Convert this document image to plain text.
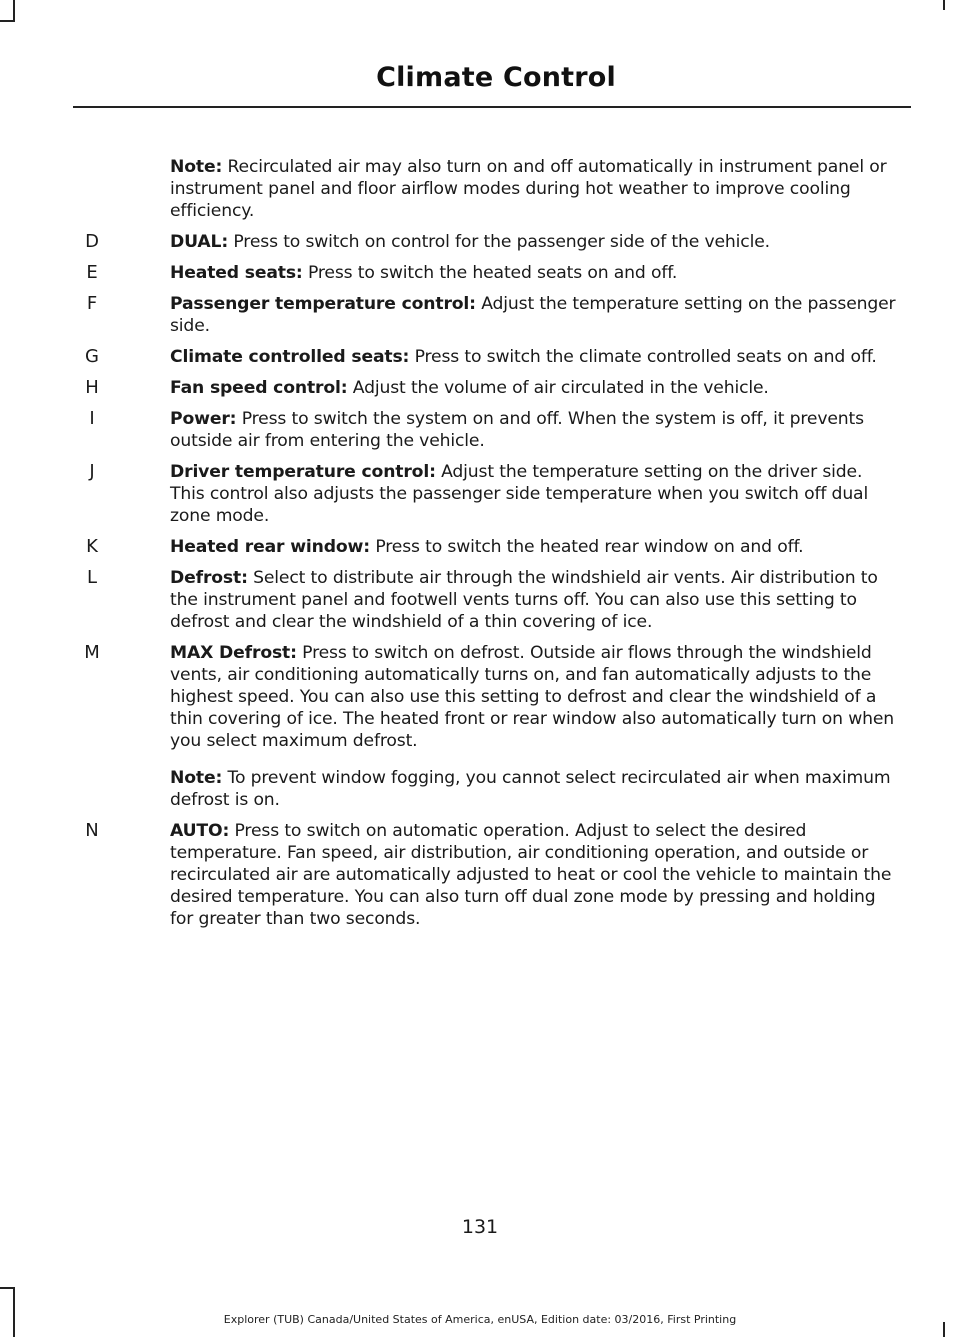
Climate Control
Note: Recirculated air may also turn on and off automatically in instrument panel or instrument panel and floor airflow modes during hot weather to improve cooling efficiency.
D	DUAL: Press to switch on control for the passenger side of the vehicle.
E	Heated seats: Press to switch the heated seats on and off.
F	Passenger temperature control: Adjust the temperature setting on the passenger side.
G	Climate controlled seats: Press to switch the climate controlled seats on and off.
H	Fan speed control: Adjust the volume of air circulated in the vehicle.
I	Power: Press to switch the system on and off. When the system is off, it prevents outside air from entering the vehicle.
J	Driver temperature control: Adjust the temperature setting on the driver side. This control also adjusts the passenger side temperature when you switch off dual zone mode.
K	Heated rear window: Press to switch the heated rear window on and off.
L	Defrost: Select to distribute air through the windshield air vents. Air distribution to the instrument panel and footwell vents turns off. You can also use this setting to defrost and clear the windshield of a thin covering of ice.
M	MAX Defrost: Press to switch on defrost. Outside air flows through the windshield vents, air conditioning automatically turns on, and fan automatically adjusts to the highest speed. You can also use this setting to defrost and clear the windshield of a thin covering of ice. The heated front or rear window also automatically turn on when you select maximum defrost.
Note: To prevent window fogging, you cannot select recirculated air when maximum defrost is on.
N	AUTO: Press to switch on automatic operation. Adjust to select the desired temperature. Fan speed, air distribution, air conditioning operation, and outside or recirculated air are automatically adjusted to heat or cool the vehicle to maintain the desired temperature. You can also turn off dual zone mode by pressing and holding for greater than two seconds.
131
Explorer (TUB) Canada/United States of America, enUSA, Edition date: 03/2016, First Printing
